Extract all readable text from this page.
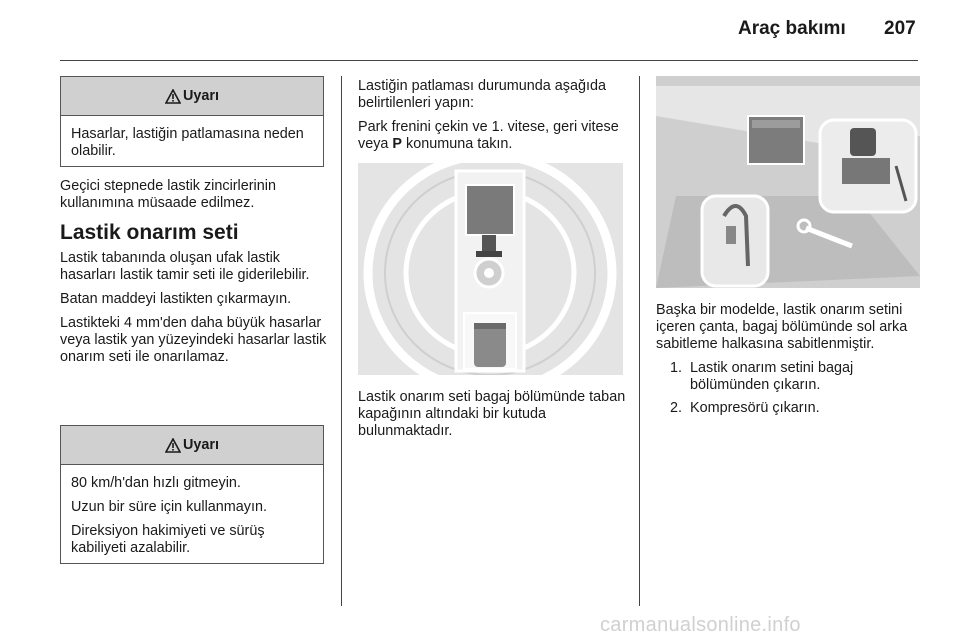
Araç bakımı 207
Uyarı

Hasarlar, lastiğin patlamasına neden olabilir.

Geçici stepnede lastik zincirlerinin kullanımına müsaade edilmez.

Lastik onarım seti

Lastik tabanında oluşan ufak lastik hasarları lastik tamir seti ile giderilebilir.

Batan maddeyi lastikten çıkarmayın.

Lastikteki 4 mm'den daha büyük hasarlar veya lastik yan yüzeyindeki hasarlar lastik onarım seti ile onarılamaz.

Uyarı

80 km/h'dan hızlı gitmeyin.

Uzun bir süre için kullanmayın.

Direksiyon hakimiyeti ve sürüş kabiliyeti azalabilir.

Lastiğin patlaması durumunda aşağıda belirtilenleri yapın:

Park frenini çekin ve 1. vitese, geri vitese veya P konumuna takın.

Lastik onarım seti bagaj bölümünde taban kapağının altındaki bir kutuda bulunmaktadır.

Başka bir modelde, lastik onarım setini içeren çanta, bagaj bölümünde sol arka sabitleme halkasına sabitlenmiştir.

1. Lastik onarım setini bagaj bölümünden çıkarın.
2. Kompresörü çıkarın.
carmanualsonline.info
